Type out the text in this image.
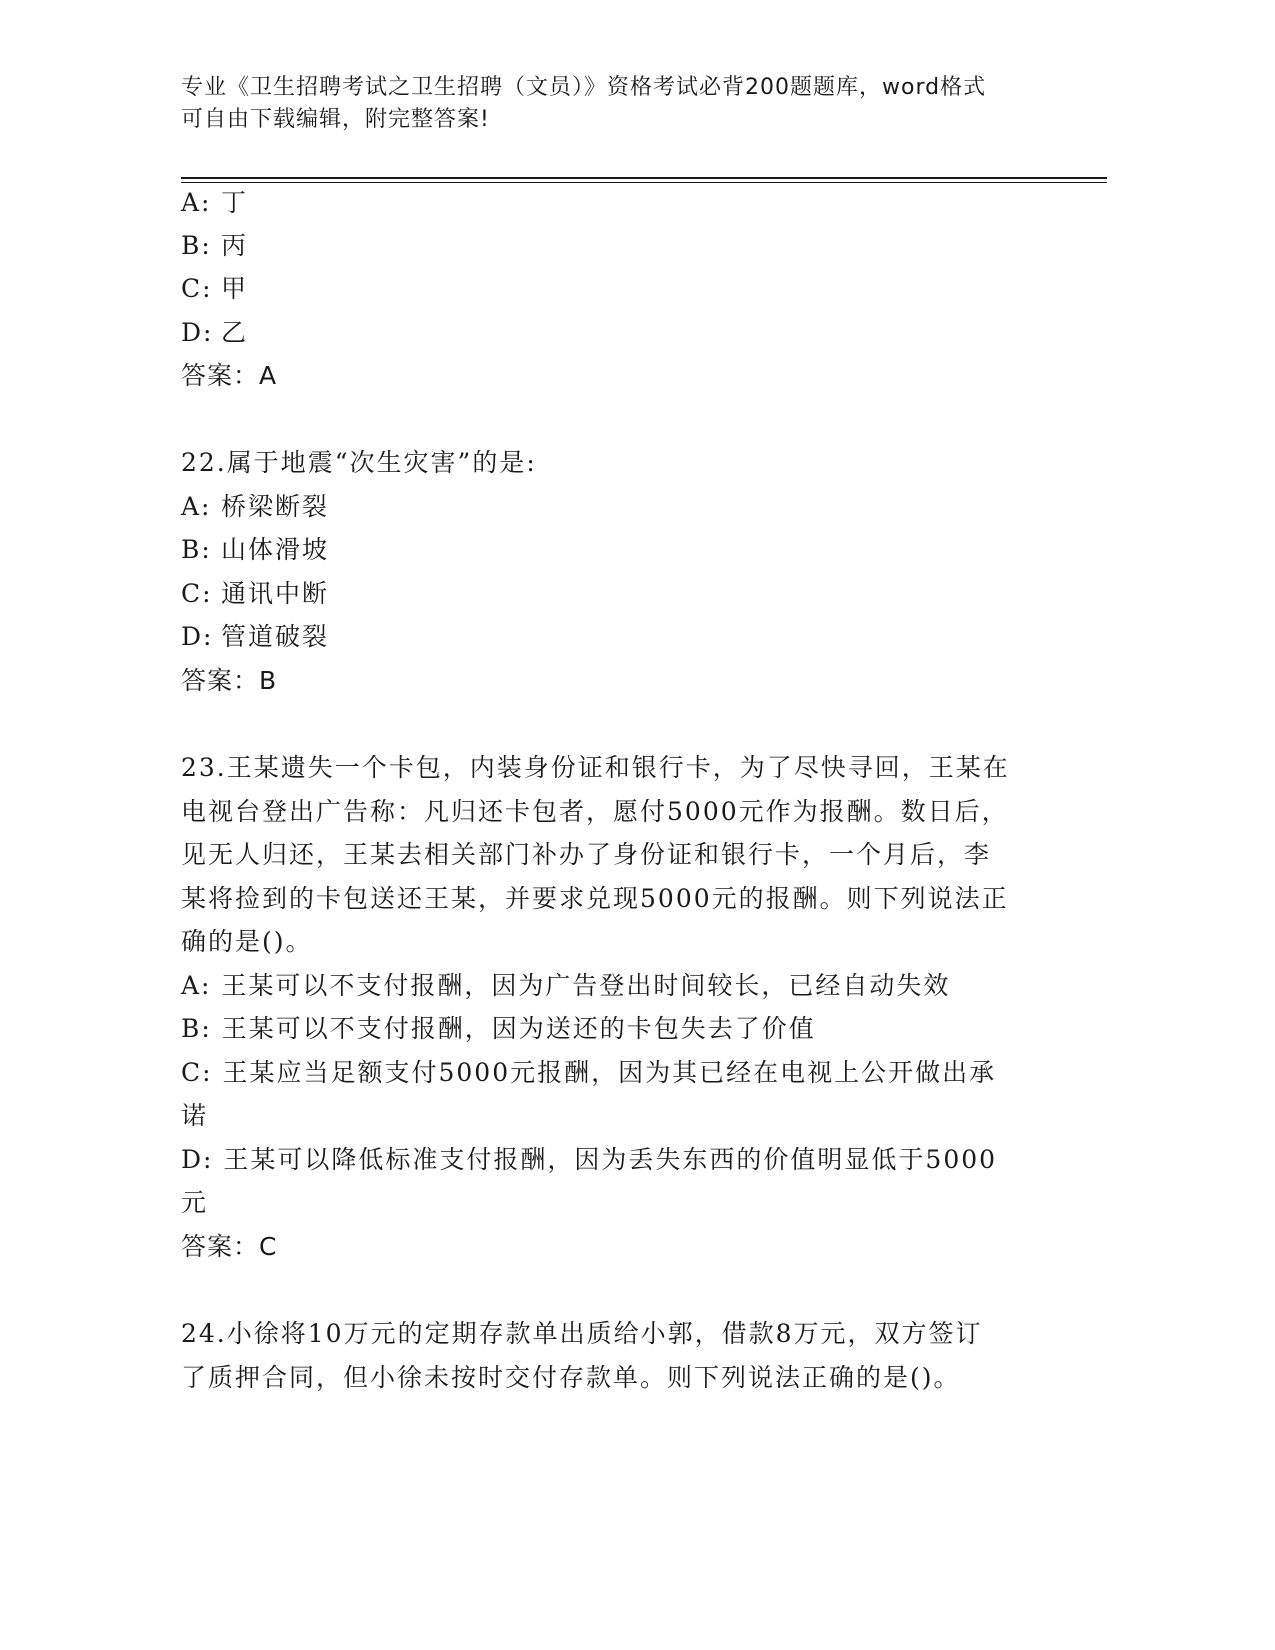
专业《卫生招聘考试之卫生招聘（文员）》资格考试必背200题题库，word格式
可自由下载编辑，附完整答案!
A: 丁
B: 丙
C: 甲
D: 乙
答案：A
22.属于地震“次生灾害”的是:
A: 桥梁断裂
B: 山体滑坡
C: 通讯中断
D: 管道破裂
答案：B
23.王某遗失一个卡包，内装身份证和银行卡，为了尽快寻回，王某在
电视台登出广告称：凡归还卡包者，愿付5000元作为报酬。数日后，
见无人归还，王某去相关部门补办了身份证和银行卡，一个月后，李
某将捡到的卡包送还王某，并要求兑现5000元的报酬。则下列说法正
确的是()。
A: 王某可以不支付报酬，因为广告登出时间较长，已经自动失效
B: 王某可以不支付报酬，因为送还的卡包失去了价值
C: 王某应当足额支付5000元报酬，因为其已经在电视上公开做出承
诺
D: 王某可以降低标准支付报酬，因为丢失东西的价值明显低于5000
元
答案：C
24.小徐将10万元的定期存款单出质给小郭，借款8万元，双方签订
了质押合同，但小徐未按时交付存款单。则下列说法正确的是()。
